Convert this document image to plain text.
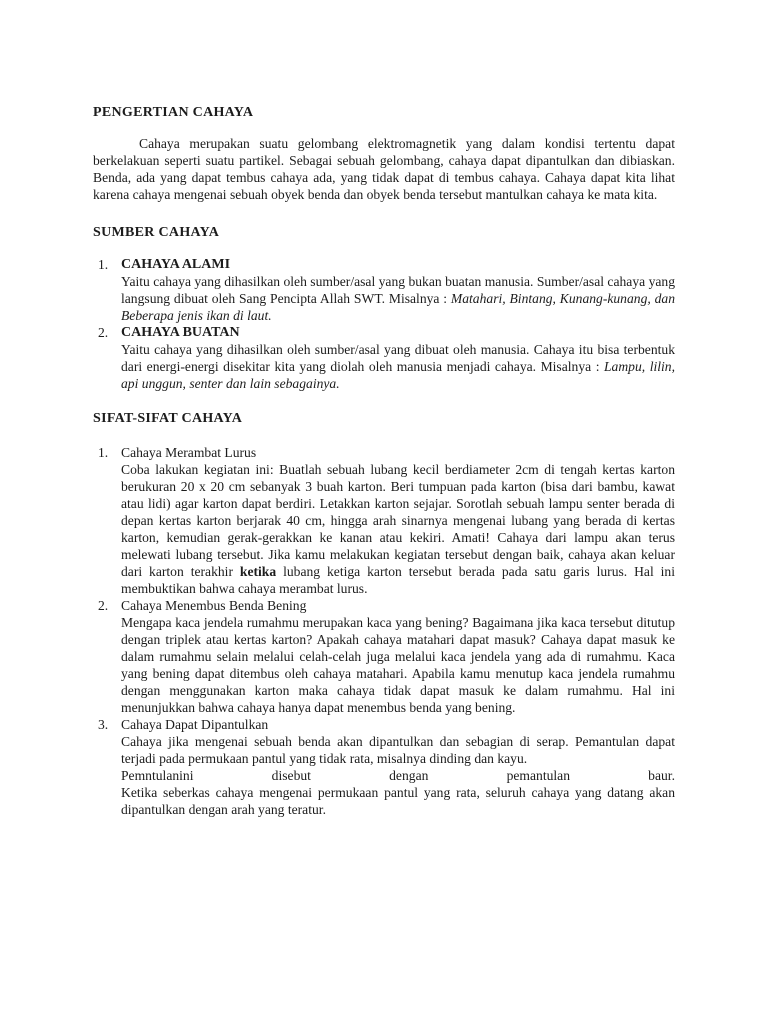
PENGERTIAN CAHAYA

Cahaya merupakan suatu gelombang elektromagnetik yang dalam kondisi tertentu dapat berkelakuan seperti suatu partikel. Sebagai sebuah gelombang, cahaya dapat dipantulkan dan dibiaskan. Benda, ada yang dapat tembus cahaya ada, yang tidak dapat di tembus cahaya. Cahaya dapat kita lihat karena cahaya mengenai sebuah obyek benda dan obyek benda tersebut mantulkan cahaya ke mata kita.

SUMBER CAHAYA
1. CAHAYA ALAMI
Yaitu cahaya yang dihasilkan oleh sumber/asal yang bukan buatan manusia. Sumber/asal cahaya yang langsung dibuat oleh Sang Pencipta Allah SWT. Misalnya : Matahari, Bintang, Kunang-kunang, dan Beberapa jenis ikan di laut.
2. CAHAYA BUATAN
Yaitu cahaya yang dihasilkan oleh sumber/asal yang dibuat oleh manusia. Cahaya itu bisa terbentuk dari energi-energi disekitar kita yang diolah oleh manusia menjadi cahaya. Misalnya : Lampu, lilin, api unggun, senter dan lain sebagainya.
SIFAT-SIFAT CAHAYA
1. Cahaya Merambat Lurus
Coba lakukan kegiatan ini: Buatlah sebuah lubang kecil berdiameter 2cm di tengah kertas karton berukuran 20 x 20 cm sebanyak 3 buah karton. Beri tumpuan pada karton (bisa dari bambu, kawat atau lidi) agar karton dapat berdiri. Letakkan karton sejajar. Sorotlah sebuah lampu senter berada di depan kertas karton berjarak 40 cm, hingga arah sinarnya mengenai lubang yang berada di kertas karton, kemudian gerak-gerakkan ke kanan atau kekiri. Amati! Cahaya dari lampu akan terus melewati lubang tersebut. Jika kamu melakukan kegiatan tersebut dengan baik, cahaya akan keluar dari karton terakhir ketika lubang ketiga karton tersebut berada pada satu garis lurus. Hal ini membuktikan bahwa cahaya merambat lurus.
2. Cahaya Menembus Benda Bening
Mengapa kaca jendela rumahmu merupakan kaca yang bening? Bagaimana jika kaca tersebut ditutup dengan triplek atau kertas karton? Apakah cahaya matahari dapat masuk? Cahaya dapat masuk ke dalam rumahmu selain melalui celah-celah juga melalui kaca jendela yang ada di rumahmu. Kaca yang bening dapat ditembus oleh cahaya matahari. Apabila kamu menutup kaca jendela rumahmu dengan menggunakan karton maka cahaya tidak dapat masuk ke dalam rumahmu. Hal ini menunjukkan bahwa cahaya hanya dapat menembus benda yang bening.
3. Cahaya Dapat Dipantulkan
Cahaya jika mengenai sebuah benda akan dipantulkan dan sebagian di serap. Pemantulan dapat terjadi pada permukaan pantul yang tidak rata, misalnya dinding dan kayu.
Pemntulanini disebut dengan pemantulan baur.
Ketika seberkas cahaya mengenai permukaan pantul yang rata, seluruh cahaya yang datang akan dipantulkan dengan arah yang teratur.
